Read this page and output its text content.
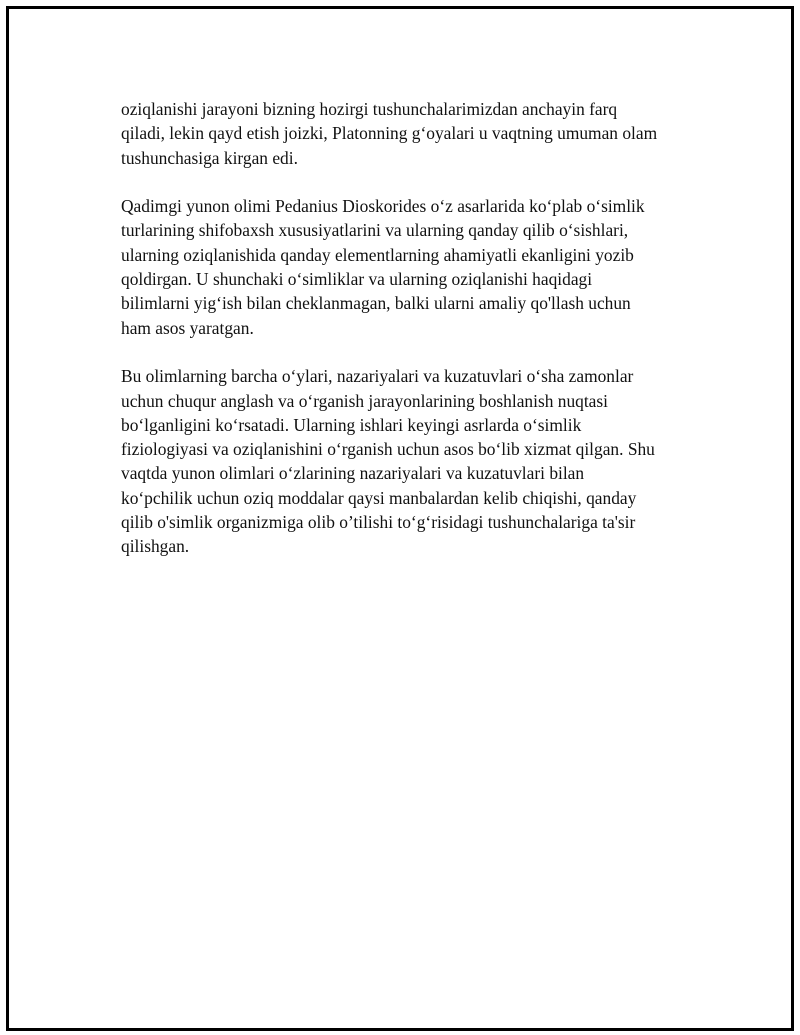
oziqlanishi jarayoni bizning hozirgi tushunchalarimizdan anchayin farq
qiladi, lekin qayd etish joizki, Platonning g‘oyalari u vaqtning umuman olam
tushunchasiga kirgan edi.

Qadimgi yunon olimi Pedanius Dioskorides o‘z asarlarida ko‘plab o‘simlik
turlarining shifobaxsh xususiyatlarini va ularning qanday qilib o‘sishlari,
ularning oziqlanishida qanday elementlarning ahamiyatli ekanligini yozib
qoldirgan. U shunchaki o‘simliklar va ularning oziqlanishi haqidagi
bilimlarni yig‘ish bilan cheklanmagan, balki ularni amaliy qo'llash uchun
ham asos yaratgan.

Bu olimlarning barcha o‘ylari, nazariyalari va kuzatuvlari o‘sha zamonlar
uchun chuqur anglash va o‘rganish jarayonlarining boshlanish nuqtasi
bo‘lganligini ko‘rsatadi. Ularning ishlari keyingi asrlarda o‘simlik
fiziologiyasi va oziqlanishini o‘rganish uchun asos bo‘lib xizmat qilgan. Shu
vaqtda yunon olimlari o‘zlarining nazariyalari va kuzatuvlari bilan
ko‘pchilik uchun oziq moddalar qaysi manbalardan kelib chiqishi, qanday
qilib o'simlik organizmiga olib o’tilishi to‘g‘risidagi tushunchalariga ta'sir
qilishgan.
